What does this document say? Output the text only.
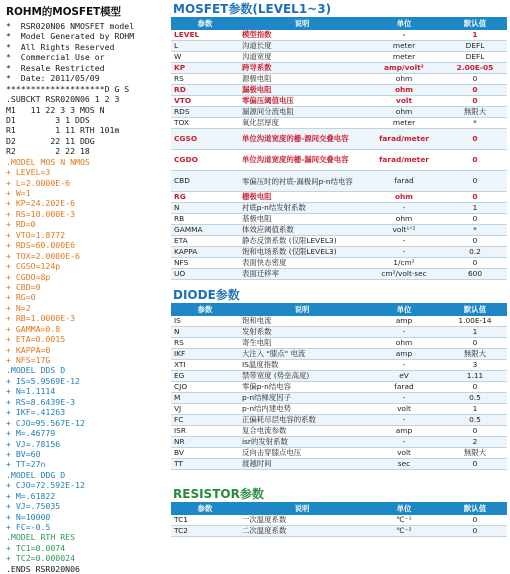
ROHM的MOSFET模型
*  RSR020N06 NMOSFET model
*  Model Generated by ROHM
*  All Rights Reserved
*  Commercial Use or
*  Resale Restricted
*  Date: 2011/05/09
********************D G S
.SUBCKT RSR020N06 1 2 3
M1   11 22 3 3 MOS N
D1        3 1 DDS
R1        1 11 RTH 101m
D2       22 11 DDG
R2        2 22 18
.MODEL MOS N NMOS
+ LEVEL=3
+ L=2.0000E-6
+ W=1
+ KP=24.202E-6
+ RS=10.000E-3
+ RD=0
+ VTO=1.8772
+ RDS=60.000E6
+ TOX=2.0000E-6
+ CGSO=124p
+ CGDO=8p
+ CBD=0
+ RG=0
+ N=2
+ RB=1.0000E-3
+ GAMMA=0.8
+ ETA=0.0015
+ KAPPA=0
+ NFS=17G
.MODEL DDS D
+ IS=5.9569E-12
+ N=1.1114
+ RS=8.6439E-3
+ IKF=.41263
+ CJO=95.567E-12
+ M=.46779
+ VJ=.78156
+ BV=60
+ TT=27n
.MODEL DDG D
+ CJO=72.592E-12
+ M=.61822
+ VJ=.75035
+ N=10000
+ FC=-0.5
.MODEL RTH RES
+ TC1=0.0074
+ TC2=0.000024
.ENDS RSR020N06
MOSFET参数(LEVEL1~3)
参数	说明	单位	默认值
LEVEL	模型指数	-	1
L	沟道长度	meter	DEFL
W	沟道宽度	meter	DEFL
KP	跨导系数	amp/volt²	2.00E-05
RS	源极电阻	ohm	0
RD	漏极电阻	ohm	0
VTO	零偏压阈值电压	volt	0
RDS	漏源间分流电阻	ohm	無限大
TOX	氧化层厚度	meter	*
CGSO	单位沟道宽度的栅-源间交叠电容	farad/meter	0
CGDO	单位沟道宽度的栅-漏间交叠电容	farad/meter	0
CBD	零偏压时的衬底-漏极间p-n结电容	farad	0
RG	栅极电阻	ohm	0
N	衬底p-n结发射系数	-	1
RB	基极电阻	ohm	0
GAMMA	体效应阈值系数	volt¹ᐟ²	*
ETA	静态反馈系数 (仅限LEVEL3)	-	0
KAPPA	饱和电场系数 (仅限LEVEL3)	-	0.2
NFS	表面快态密度	1/cm²	0
UO	表面迁移率	cm²/volt·sec	600
DIODE参数
参数	说明	单位	默认值
IS	饱和电流	amp	1.00E-14
N	发射系数	-	1
RS	寄生电阻	ohm	0
IKF	大注入 "膝点" 电流	amp	無限大
XTI	IS温度指数	-	3
EG	禁带宽度 (势垒高度)	eV	1.11
CJO	零偏p-n结电容	farad	0
M	p-n结梯度因子	-	0.5
VJ	p-n结内建电势	volt	1
FC	正偏耗尽层电容的系数	-	0.5
ISR	复合电流参数	amp	0
NR	isr的发射系数	-	2
BV	反向击穿膝点电压	volt	無限大
TT	渡越时间	sec	0
RESISTOR参数
参数	说明	单位	默认值
TC1	一次温度系数	℃⁻¹	0
TC2	二次温度系数	℃⁻²	0
